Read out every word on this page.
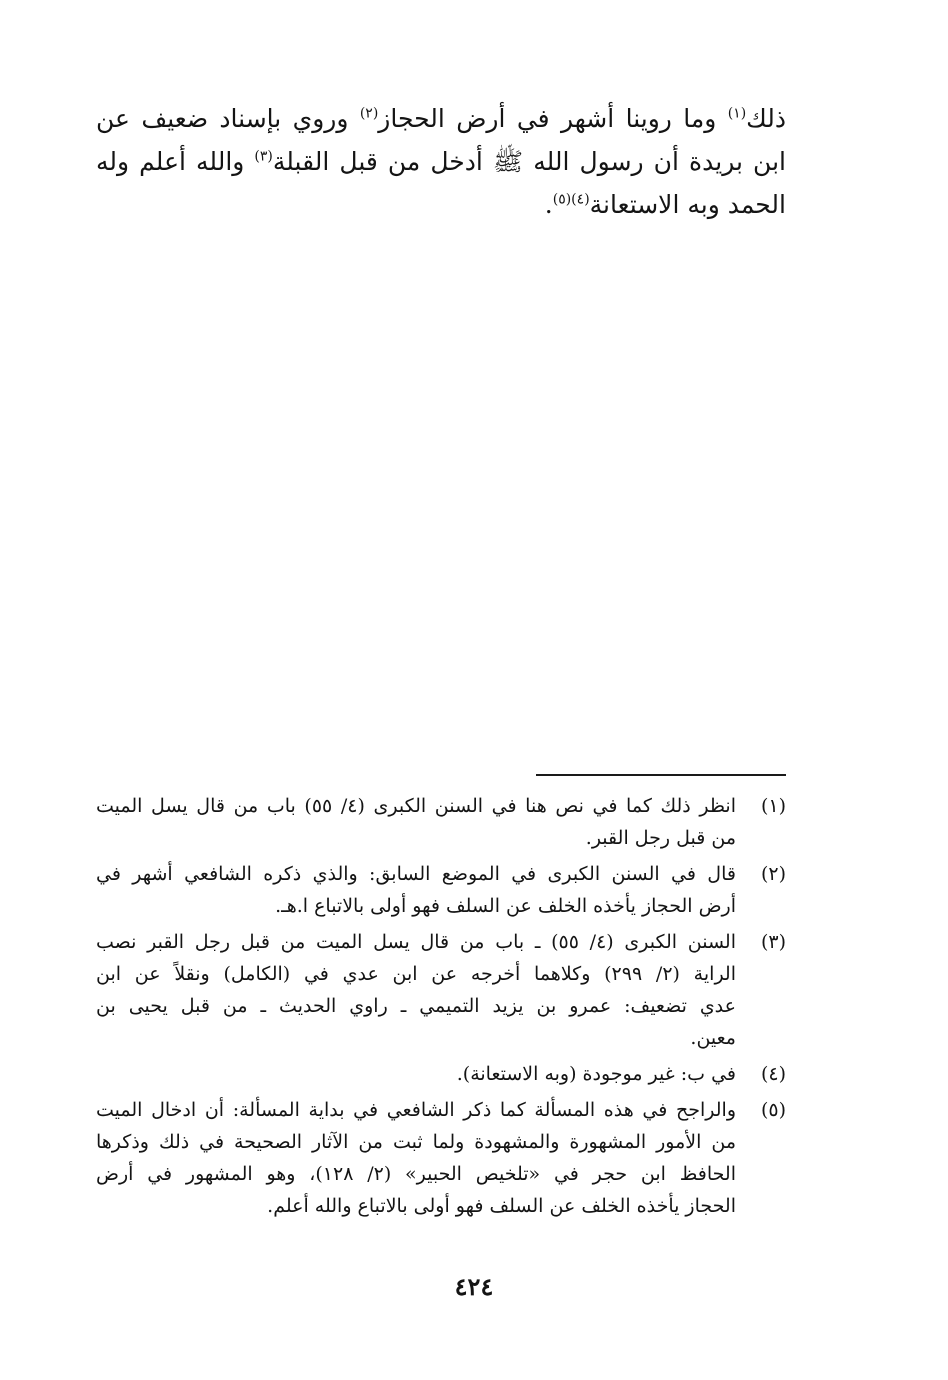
ذلك$^{(١)}$ وما روينا أشهر في أرض الحجاز$^{(٢)}$ وروي بإسناد ضعيف عن
ابن بريدة أن رسول الله ﷺ أدخل من قبل القبلة$^{(٣)}$ والله أعلم وله
الحمد وبه الاستعانة$^{(٤)(٥)}$.
(١)
انظر ذلك كما في نص هنا في السنن الكبرى (٤/ ٥٥) باب من قال يسل الميت
من قبل رجل القبر.
(٢)
قال في السنن الكبرى في الموضع السابق: والذي ذكره الشافعي أشهر في
أرض الحجاز يأخذه الخلف عن السلف فهو أولى بالاتباع ا.هـ.
(٣)
السنن الكبرى (٤/ ٥٥) ـ باب من قال يسل الميت من قبل رجل القبر نصب
الراية (٢/ ٢٩٩) وكلاهما أخرجه عن ابن عدي في (الكامل) ونقلاً عن ابن
عدي تضعيف: عمرو بن يزيد التميمي ـ راوي الحديث ـ من قبل يحيى بن
معين.
(٤)
في ب: غير موجودة (وبه الاستعانة).
(٥)
والراجح في هذه المسألة كما ذكر الشافعي في بداية المسألة: أن ادخال الميت
من الأمور المشهورة والمشهودة ولما ثبت من الآثار الصحيحة في ذلك وذكرها
الحافظ ابن حجر في «تلخيص الحبير» (٢/ ١٢٨)، وهو المشهور في أرض
الحجاز يأخذه الخلف عن السلف فهو أولى بالاتباع والله أعلم.
٤٢٤
